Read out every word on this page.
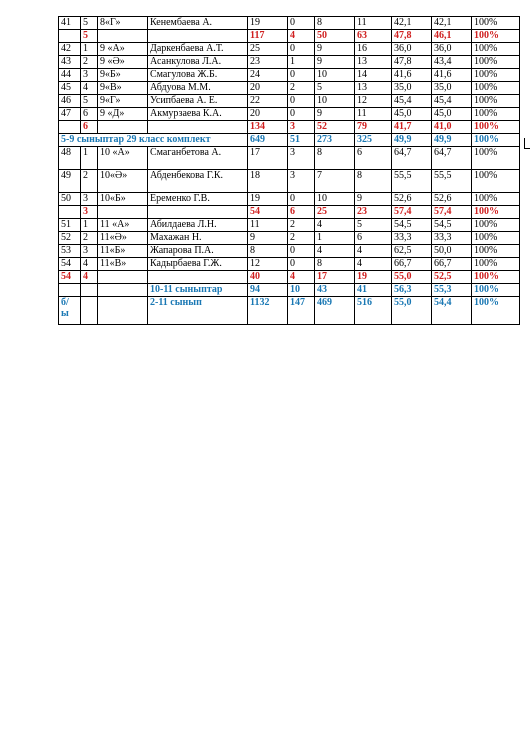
41	5	8«Г»	Кенембаева А.	19	0	8	11	42,1	42,1	100%
	5			117	4	50	63	47,8	46,1	100%
42	1	9 «А»	Даркенбаева А.Т.	25	0	9	16	36,0	36,0	100%
43	2	9 «Ә»	Асанкулова Л.А.	23	1	9	13	47,8	43,4	100%
44	3	9«Б»	Смагулова Ж.Б.	24	0	10	14	41,6	41,6	100%
45	4	9«В»	Абдуова М.М.	20	2	5	13	35,0	35,0	100%
46	5	9«Г»	Усипбаева А. Е.	22	0	10	12	45,4	45,4	100%
47	6	9 «Д»	Акмурзаева К.А.	20	0	9	11	45,0	45,0	100%
	6			134	3	52	79	41,7	41,0	100%
5-9 сыныптар 29 класс комплект				649	51	273	325	49,9	49,9	100%
48	1	10 «А»	Смаганбетова А.	17	3	8	6	64,7	64,7	100%
49	2	10«Ә»	Абденбекова Г.К.	18	3	7	8	55,5	55,5	100%
50	3	10«Б»	Еременко Г.В.	19	0	10	9	52,6	52,6	100%
	3			54	6	25	23	57,4	57,4	100%
51	1	11 «А»	Абилдаева Л.Н.	11	2	4	5	54,5	54,5	100%
52	2	11«Ә»	Махажан Н.	9	2	1	6	33,3	33,3	100%
53	3	11«Б»	Жапарова П.А.	8	0	4	4	62,5	50,0	100%
54	4	11«В»	Кадырбаева Г.Ж.	12	0	8	4	66,7	66,7	100%
54	4			40	4	17	19	55,0	52,5	100%
			10-11 сыныптар	94	10	43	41	56,3	55,3	100%
б/
ы			2-11 сынып	1132	147	469	516	55,0	54,4	100%
